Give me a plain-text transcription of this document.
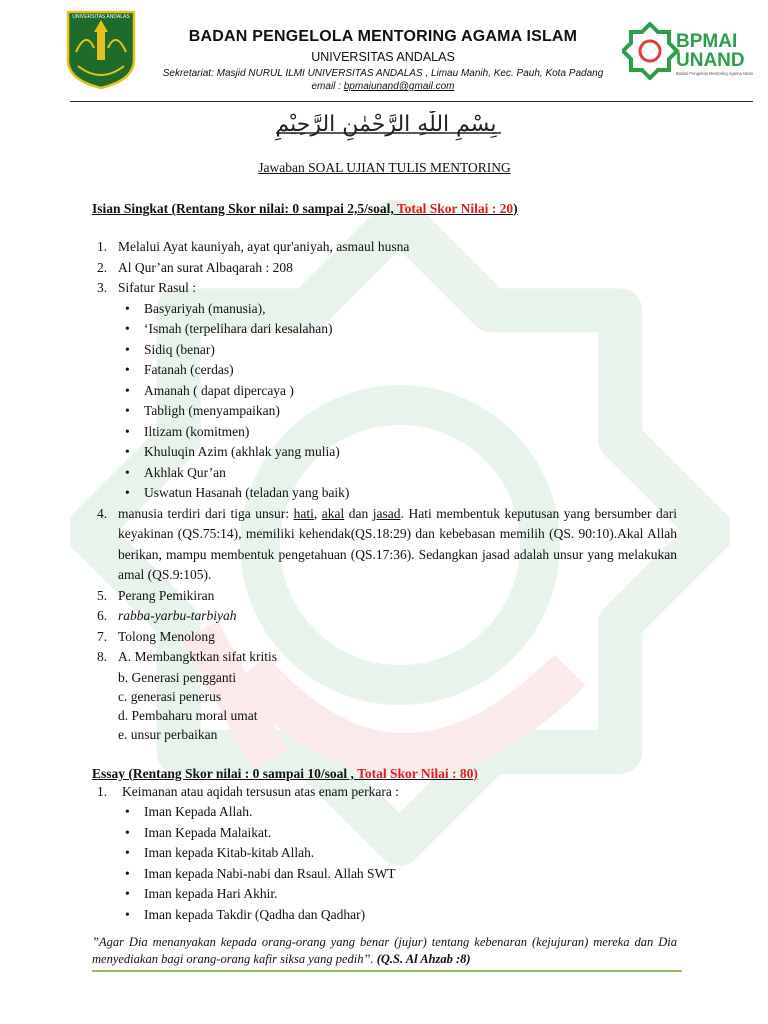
UNIVERSITAS ANDALAS
BADAN PENGELOLA MENTORING AGAMA ISLAM
UNIVERSITAS ANDALAS
Sekretariat: Masjid NURUL ILMI UNIVERSITAS ANDALAS , Limau Manih, Kec. Pauh, Kota Padang
email : bpmaiunand@gmail.com
BPMAI
UNAND
Badan Pengelola Mentoring Agama Islam
بِسْمِ اللّٰهِ الرَّحْمٰنِ الرَّحِيْمِ
Jawaban SOAL UJIAN TULIS MENTORING
Isian Singkat (Rentang Skor nilai: 0 sampai 2,5/soal, Total Skor Nilai : 20)
1. Melalui Ayat kauniyah, ayat qur'aniyah, asmaul husna
2. Al Qur’an surat Albaqarah : 208
3. Sifatur Rasul :
• Basyariyah (manusia),
• ‘Ismah (terpelihara dari kesalahan)
• Sidiq (benar)
• Fatanah (cerdas)
• Amanah ( dapat dipercaya )
• Tabligh (menyampaikan)
• Iltizam (komitmen)
• Khuluqin Azim (akhlak yang mulia)
• Akhlak Qur’an
• Uswatun Hasanah (teladan yang baik)
4. manusia terdiri dari tiga unsur: hati, akal dan jasad. Hati membentuk keputusan yang bersumber dari keyakinan (QS.75:14), memiliki kehendak(QS.18:29) dan kebebasan memilih (QS. 90:10).Akal Allah berikan, mampu membentuk pengetahuan (QS.17:36). Sedangkan jasad adalah unsur yang melakukan amal (QS.9:105).
5. Perang Pemikiran
6. rabba-yarbu-tarbiyah
7. Tolong Menolong
8. A. Membangktkan sifat kritis
b. Generasi pengganti
c. generasi penerus
d. Pembaharu moral umat
e. unsur perbaikan
Essay (Rentang Skor nilai : 0 sampai 10/soal , Total Skor Nilai : 80)
1. Keimanan atau aqidah tersusun atas enam perkara :
• Iman Kepada Allah.
• Iman Kepada Malaikat.
• Iman kepada Kitab-kitab Allah.
• Iman kepada Nabi-nabi dan Rsaul. Allah SWT
• Iman kepada Hari Akhir.
• Iman kepada Takdir (Qadha dan Qadhar)
”Agar Dia menanyakan kepada orang-orang yang benar (jujur) tentang kebenaran (kejujuran) mereka dan Dia menyediakan bagi orang-orang kafir siksa yang pedih”. (Q.S. Al Ahzab :8)
